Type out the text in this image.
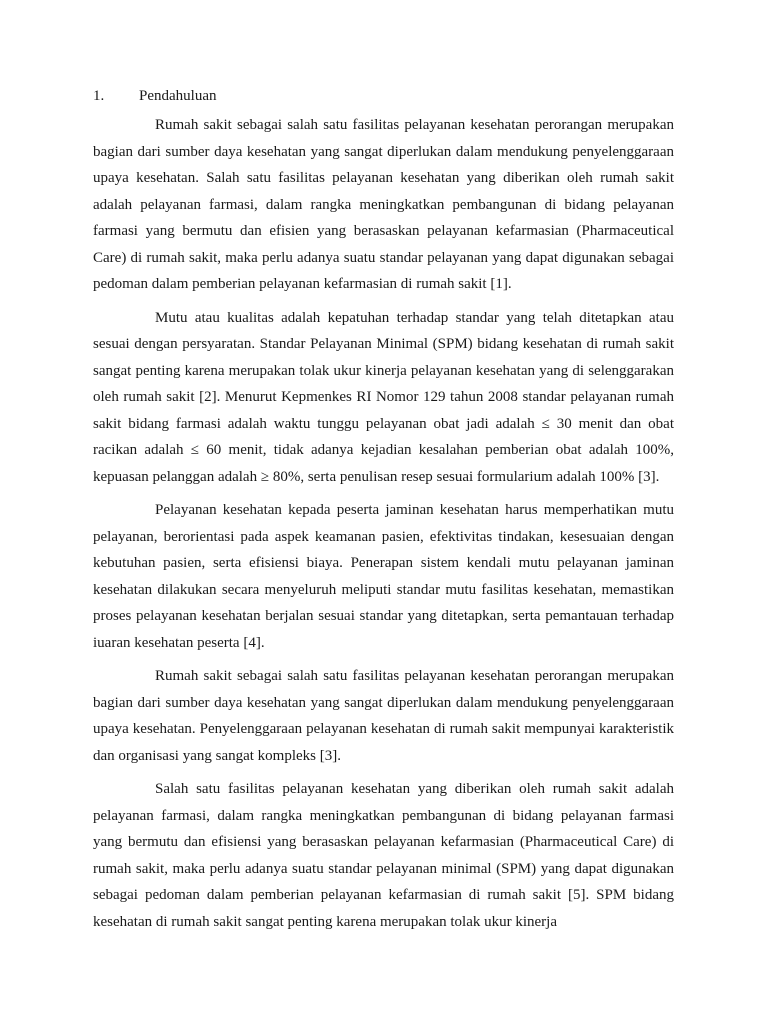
1. Pendahuluan

Rumah sakit sebagai salah satu fasilitas pelayanan kesehatan perorangan merupakan bagian dari sumber daya kesehatan yang sangat diperlukan dalam mendukung penyelenggaraan upaya kesehatan. Salah satu fasilitas pelayanan kesehatan yang diberikan oleh rumah sakit adalah pelayanan farmasi, dalam rangka meningkatkan pembangunan di bidang pelayanan farmasi yang bermutu dan efisien yang berasaskan pelayanan kefarmasian (Pharmaceutical Care) di rumah sakit, maka perlu adanya suatu standar pelayanan yang dapat digunakan sebagai pedoman dalam pemberian pelayanan kefarmasian di rumah sakit [1].

Mutu atau kualitas adalah kepatuhan terhadap standar yang telah ditetapkan atau sesuai dengan persyaratan. Standar Pelayanan Minimal (SPM) bidang kesehatan di rumah sakit sangat penting karena merupakan tolak ukur kinerja pelayanan kesehatan yang di selenggarakan oleh rumah sakit [2]. Menurut Kepmenkes RI Nomor 129 tahun 2008 standar pelayanan rumah sakit bidang farmasi adalah waktu tunggu pelayanan obat jadi adalah ≤ 30 menit dan obat racikan adalah ≤ 60 menit, tidak adanya kejadian kesalahan pemberian obat adalah 100%, kepuasan pelanggan adalah ≥ 80%, serta penulisan resep sesuai formularium adalah 100% [3].

Pelayanan kesehatan kepada peserta jaminan kesehatan harus memperhatikan mutu pelayanan, berorientasi pada aspek keamanan pasien, efektivitas tindakan, kesesuaian dengan kebutuhan pasien, serta efisiensi biaya. Penerapan sistem kendali mutu pelayanan jaminan kesehatan dilakukan secara menyeluruh meliputi standar mutu fasilitas kesehatan, memastikan proses pelayanan kesehatan berjalan sesuai standar yang ditetapkan, serta pemantauan terhadap iuaran kesehatan peserta [4].

Rumah sakit sebagai salah satu fasilitas pelayanan kesehatan perorangan merupakan bagian dari sumber daya kesehatan yang sangat diperlukan dalam mendukung penyelenggaraan upaya kesehatan. Penyelenggaraan pelayanan kesehatan di rumah sakit mempunyai karakteristik dan organisasi yang sangat kompleks [3].

Salah satu fasilitas pelayanan kesehatan yang diberikan oleh rumah sakit adalah pelayanan farmasi, dalam rangka meningkatkan pembangunan di bidang pelayanan farmasi yang bermutu dan efisiensi yang berasaskan pelayanan kefarmasian (Pharmaceutical Care) di rumah sakit, maka perlu adanya suatu standar pelayanan minimal (SPM) yang dapat digunakan sebagai pedoman dalam pemberian pelayanan kefarmasian di rumah sakit [5]. SPM bidang kesehatan di rumah sakit sangat penting karena merupakan tolak ukur kinerja
